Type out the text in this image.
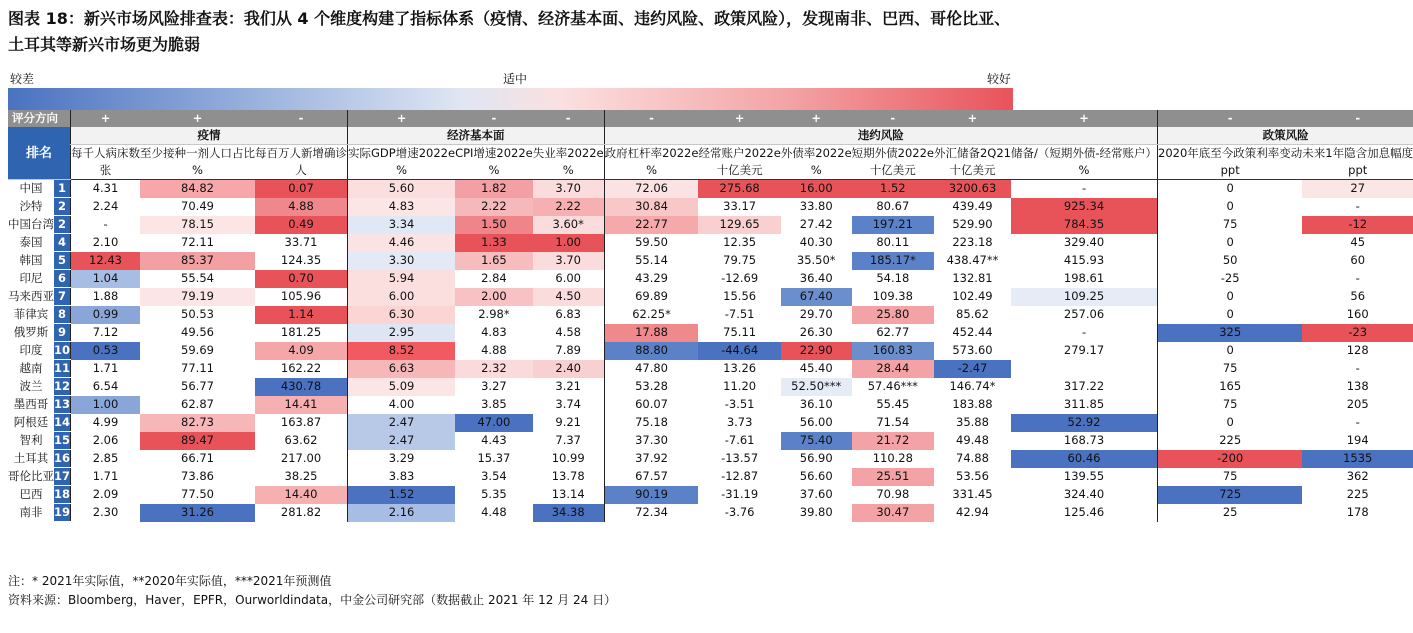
图表 18：新兴市场风险排查表：我们从 4 个维度构建了指标体系（疫情、经济基本面、违约风险、政策风险），发现南非、巴西、哥伦比亚、土耳其等新兴市场更为脆弱
较差	适中	较好
评分方向		+	+	-	+	-	-	-	+	+	-	+	+	-	-
排名		疫情			经济基本面			违约风险						政策风险	
		每千人病床数	至少接种一剂人口占比	每百万人新增确诊	实际GDP增速2022e	CPI增速2022e	失业率2022e	政府杠杆率2022e	经常账户2022e	外债率2022e	短期外债2022e	外汇储备2Q21	储备/（短期外债-经常账户）	2020年底至今政策利率变动	未来1年隐含加息幅度
		张	%	人	%	%	%	%	十亿美元	%	十亿美元	十亿美元	%	ppt	ppt
中国	1	4.31	84.82	0.07	5.60	1.82	3.70	72.06	275.68	16.00	1.52	3200.63	-	0	27
沙特	2	2.24	70.49	4.88	4.83	2.22	2.22	30.84	33.17	33.80	80.67	439.49	925.34	0	-
中国台湾	2	-	78.15	0.49	3.34	1.50	3.60*	22.77	129.65	27.42	197.21	529.90	784.35	75	-12
泰国	4	2.10	72.11	33.71	4.46	1.33	1.00	59.50	12.35	40.30	80.11	223.18	329.40	0	45
韩国	5	12.43	85.37	124.35	3.30	1.65	3.70	55.14	79.75	35.50*	185.17*	438.47**	415.93	50	60
印尼	6	1.04	55.54	0.70	5.94	2.84	6.00	43.29	-12.69	36.40	54.18	132.81	198.61	-25	-
马来西亚	7	1.88	79.19	105.96	6.00	2.00	4.50	69.89	15.56	67.40	109.38	102.49	109.25	0	56
菲律宾	8	0.99	50.53	1.14	6.30	2.98*	6.83	62.25*	-7.51	29.70	25.80	85.62	257.06	0	160
俄罗斯	9	7.12	49.56	181.25	2.95	4.83	4.58	17.88	75.11	26.30	62.77	452.44	-	325	-23
印度	10	0.53	59.69	4.09	8.52	4.88	7.89	88.80	-44.64	22.90	160.83	573.60	279.17	0	128
越南	11	1.71	77.11	162.22	6.63	2.32	2.40	47.80	13.26	45.40	28.44	-2.47		75	-
波兰	12	6.54	56.77	430.78	5.09	3.27	3.21	53.28	11.20	52.50***	57.46***	146.74*	317.22	165	138
墨西哥	13	1.00	62.87	14.41	4.00	3.85	3.74	60.07	-3.51	36.10	55.45	183.88	311.85	75	205
阿根廷	14	4.99	82.73	163.87	2.47	47.00	9.21	75.18	3.73	56.00	71.54	35.88	52.92	0	-
智利	15	2.06	89.47	63.62	2.47	4.43	7.37	37.30	-7.61	75.40	21.72	49.48	168.73	225	194
土耳其	16	2.85	66.71	217.00	3.29	15.37	10.99	37.92	-13.57	56.90	110.28	74.88	60.46	-200	1535
哥伦比亚	17	1.71	73.86	38.25	3.83	3.54	13.78	67.57	-12.87	56.60	25.51	53.56	139.55	75	362
巴西	18	2.09	77.50	14.40	1.52	5.35	13.14	90.19	-31.19	37.60	70.98	331.45	324.40	725	225
南非	19	2.30	31.26	281.82	2.16	4.48	34.38	72.34	-3.76	39.80	30.47	42.94	125.46	25	178
注：* 2021年实际值，**2020年实际值，***2021年预测值
资料来源：Bloomberg，Haver，EPFR，Ourworldindata，中金公司研究部（数据截止 2021 年 12 月 24 日）
